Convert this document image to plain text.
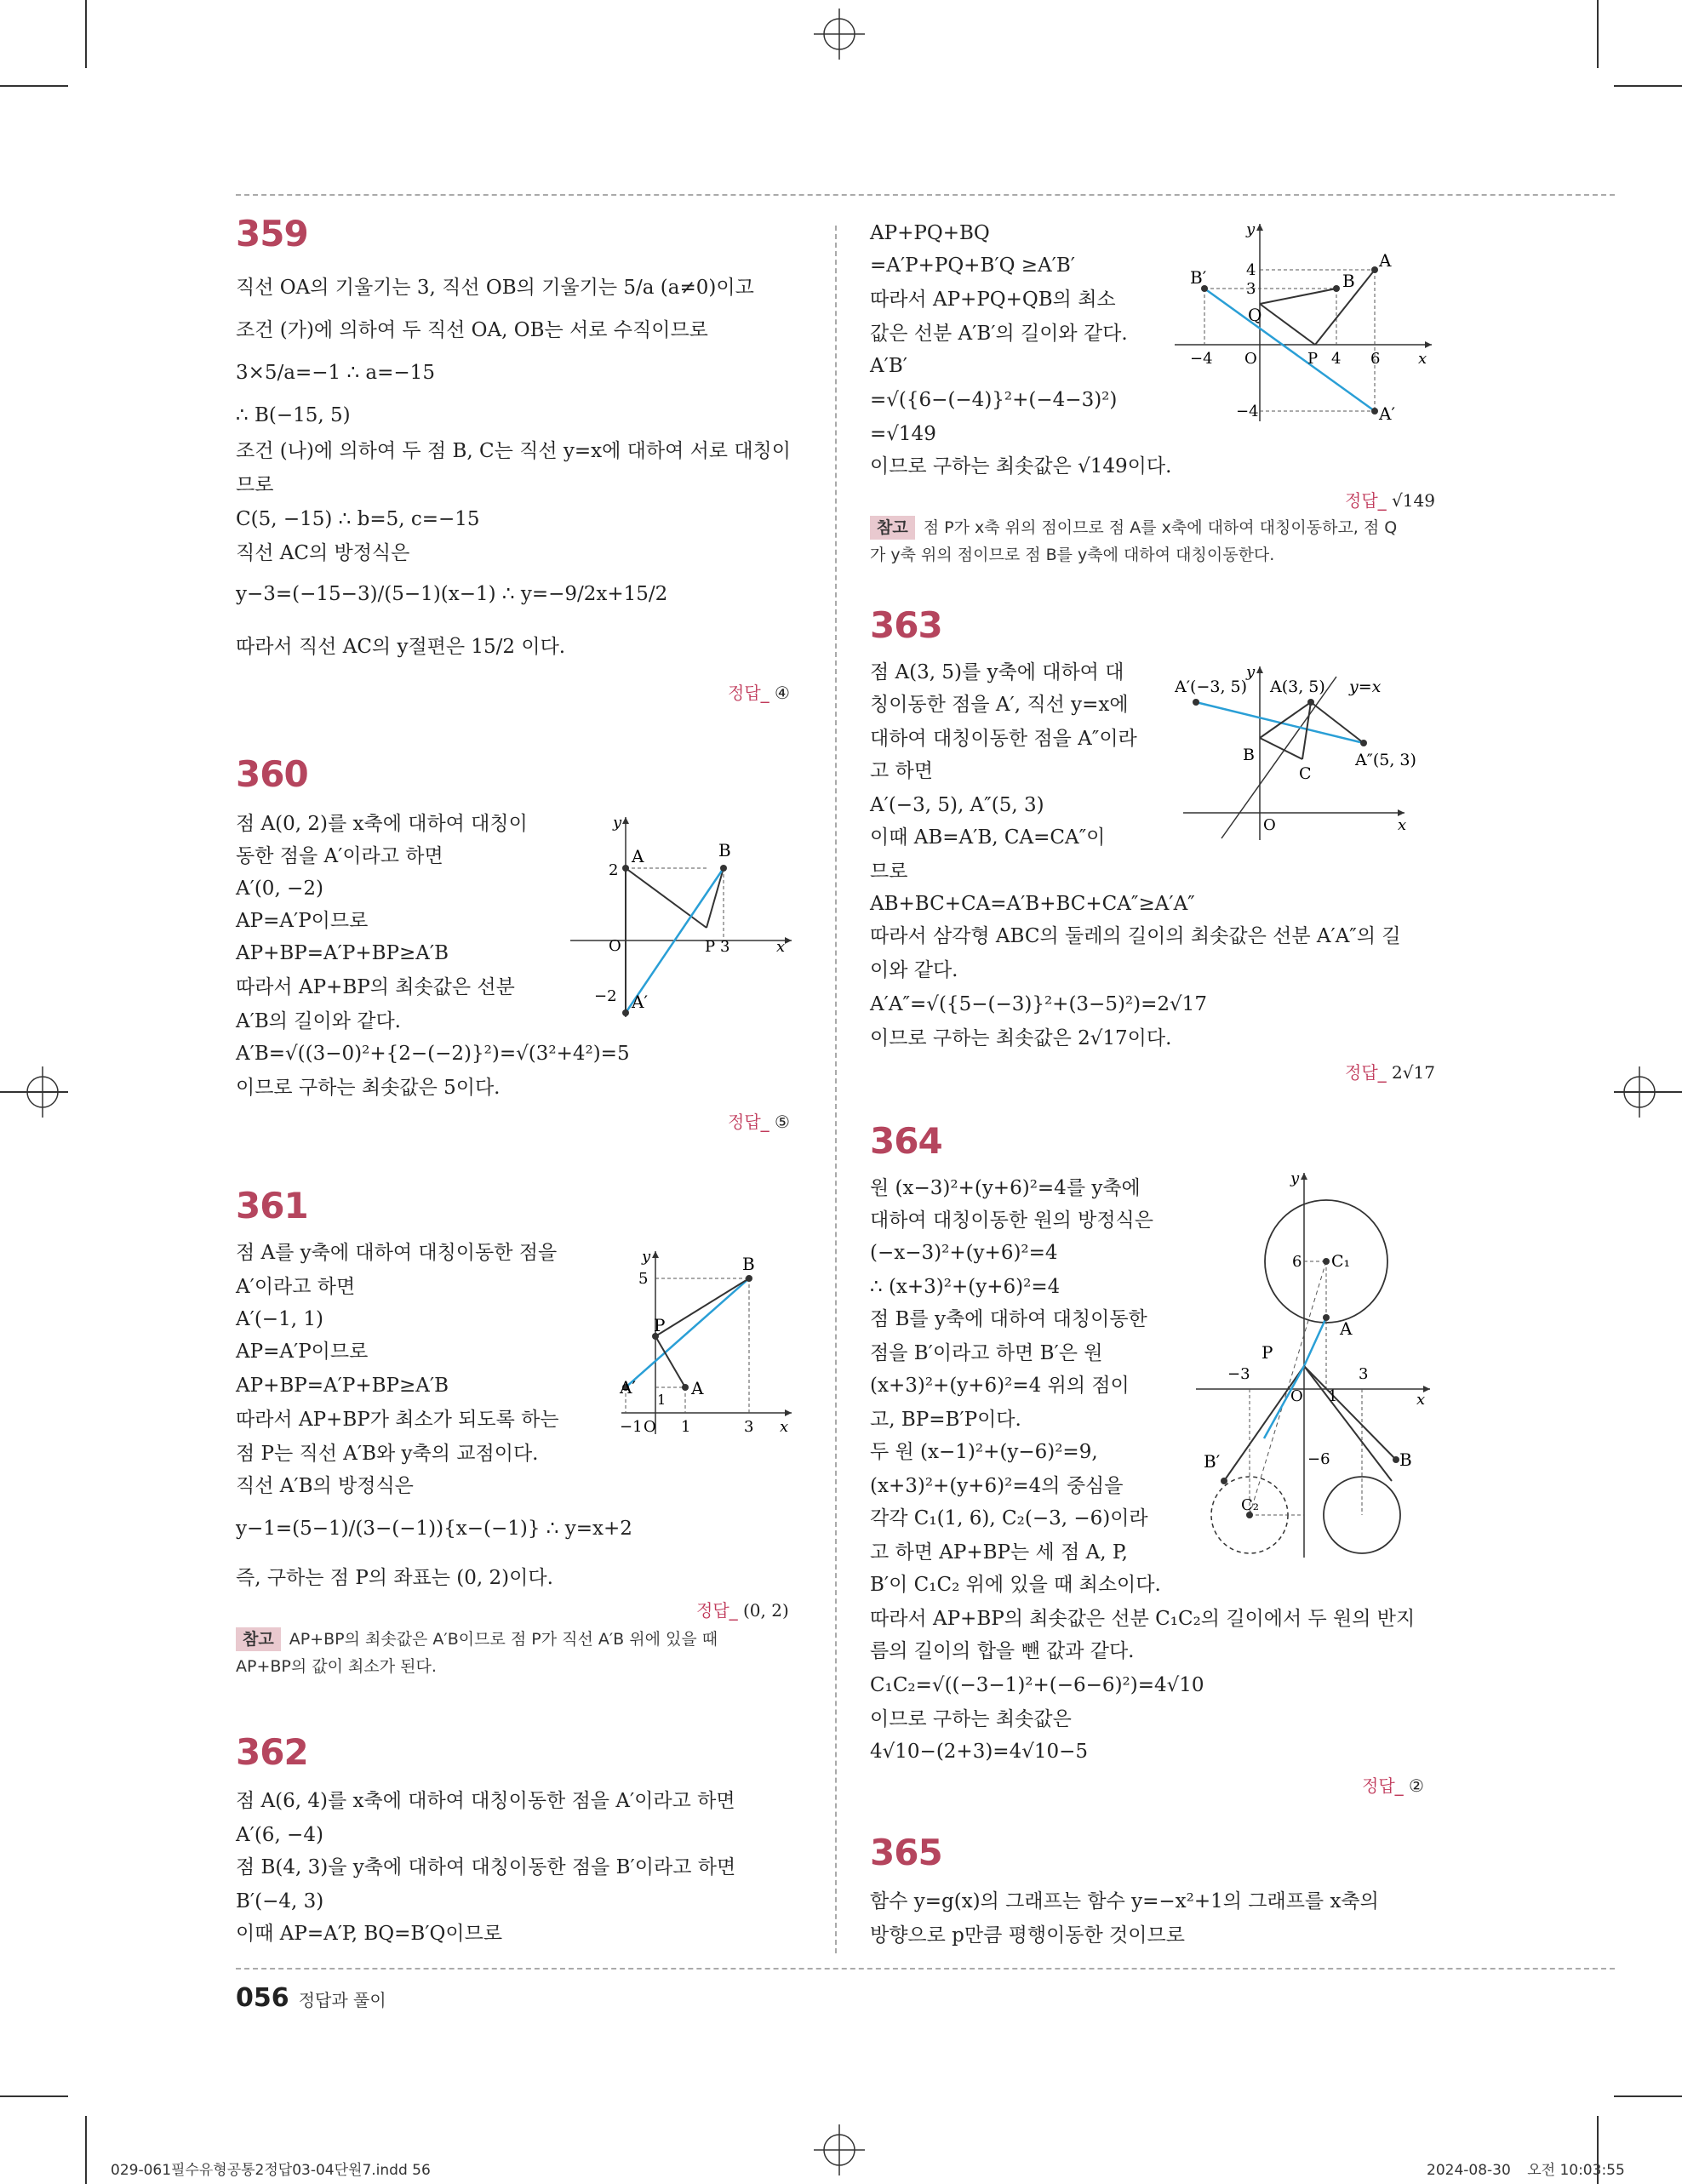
359
직선 OA의 기울기는 3, 직선 OB의 기울기는 5/a (a≠0)이고
조건 (가)에 의하여 두 직선 OA, OB는 서로 수직이므로
3×5/a=−1 ∴ a=−15
∴ B(−15, 5)
조건 (나)에 의하여 두 점 B, C는 직선 y=x에 대하여 서로 대칭이
므로
C(5, −15) ∴ b=5, c=−15
직선 AC의 방정식은
y−3=(−15−3)/(5−1)(x−1) ∴ y=−9/2x+15/2
따라서 직선 AC의 y절편은 15/2 이다.
정답_ ④
360
점 A(0, 2)를 x축에 대하여 대칭이
동한 점을 A′이라고 하면
A′(0, −2)
AP=A′P이므로
AP+BP=A′P+BP≥A′B
따라서 AP+BP의 최솟값은 선분
A′B의 길이와 같다.
A′B=√((3−0)²+{2−(−2)}²)=√(3²+4²)=5
이므로 구하는 최솟값은 5이다.
y
A	B
2
O	P 3	x
−2 A′
정답_ ⑤
361
점 A를 y축에 대하여 대칭이동한 점을
A′이라고 하면
A′(−1, 1)
AP=A′P이므로
AP+BP=A′P+BP≥A′B
따라서 AP+BP가 최소가 되도록 하는
점 P는 직선 A′B와 y축의 교점이다.
직선 A′B의 방정식은
y−1=(5−1)/(3−(−1)){x−(−1)} ∴ y=x+2
즉, 구하는 점 P의 좌표는 (0, 2)이다.
y	B
5
P
A′	A
1
−1 O 1	3 x
정답_ (0, 2)
참고 AP+BP의 최솟값은 A′B이므로 점 P가 직선 A′B 위에 있을 때
AP+BP의 값이 최소가 된다.
362
점 A(6, 4)를 x축에 대하여 대칭이동한 점을 A′이라고 하면
A′(6, −4)
점 B(4, 3)을 y축에 대하여 대칭이동한 점을 B′이라고 하면
B′(−4, 3)
이때 AP=A′P, BQ=B′Q이므로
AP+PQ+BQ
=A′P+PQ+B′Q ≥A′B′
따라서 AP+PQ+QB의 최소
값은 선분 A′B′의 길이와 같다.
A′B′
=√({6−(−4)}²+(−4−3)²)
=√149
이므로 구하는 최솟값은 √149이다.
y
A
B′	4
3	B
Q
−4 O	P 4 6 x
−4	A′
정답_ √149
참고 점 P가 x축 위의 점이므로 점 A를 x축에 대하여 대칭이동하고, 점 Q
가 y축 위의 점이므로 점 B를 y축에 대하여 대칭이동한다.
363
점 A(3, 5)를 y축에 대하여 대
칭이동한 점을 A′, 직선 y=x에
대하여 대칭이동한 점을 A″이라
고 하면
A′(−3, 5), A″(5, 3)
이때 AB=A′B, CA=CA″이
므로
AB+BC+CA=A′B+BC+CA″≥A′A″
따라서 삼각형 ABC의 둘레의 길이의 최솟값은 선분 A′A″의 길
이와 같다.
A′A″=√({5−(−3)}²+(3−5)²)=2√17
이므로 구하는 최솟값은 2√17이다.
y
A′(−3, 5) A(3, 5) y=x
B
C
A″(5, 3)
O	x
정답_ 2√17
364
원 (x−3)²+(y+6)²=4를 y축에
대하여 대칭이동한 원의 방정식은
(−x−3)²+(y+6)²=4
∴ (x+3)²+(y+6)²=4
점 B를 y축에 대하여 대칭이동한
점을 B′이라고 하면 B′은 원
(x+3)²+(y+6)²=4 위의 점이
고, BP=B′P이다.
두 원 (x−1)²+(y−6)²=9,
(x+3)²+(y+6)²=4의 중심을
각각 C₁(1, 6), C₂(−3, −6)이라
고 하면 AP+BP는 세 점 A, P,
B′이 C₁C₂ 위에 있을 때 최소이다.
따라서 AP+BP의 최솟값은 선분 C₁C₂의 길이에서 두 원의 반지
름의 길이의 합을 뺀 값과 같다.
C₁C₂=√((−3−1)²+(−6−6)²)=4√10
이므로 구하는 최솟값은
4√10−(2+3)=4√10−5
y
6 C₁
A
P
−3
O 1
3
x
B′	−6	B
C₂
정답_ ②
365
함수 y=g(x)의 그래프는 함수 y=−x²+1의 그래프를 x축의
방향으로 p만큼 평행이동한 것이므로
056 정답과 풀이
029-061필수유형공통2정답03-04단원7.indd 56	2024-08-30 오전 10:03:55
